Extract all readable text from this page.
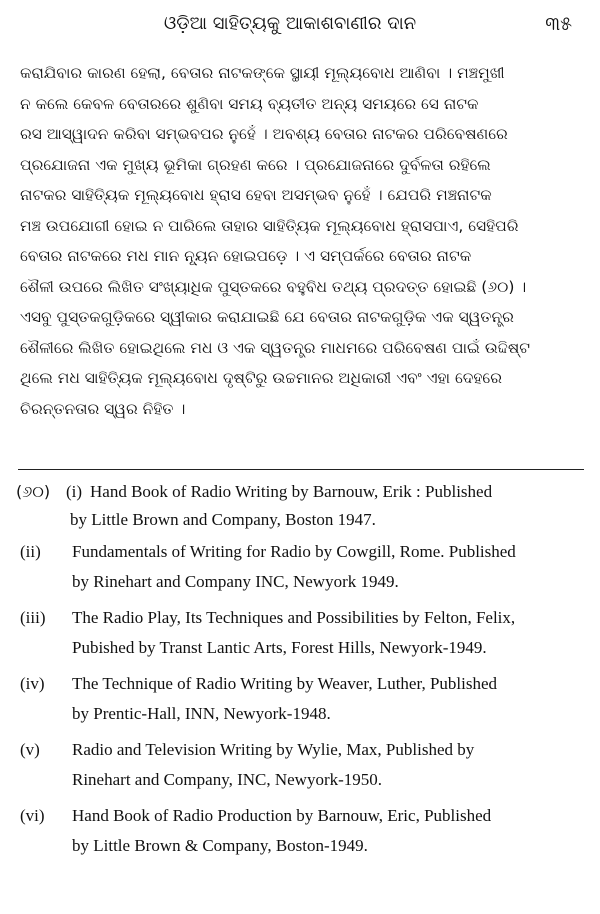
ଓଡ଼ିଆ ସାହିତ୍ୟକୁ ଆକାଶବାଣୀର ଦାନ	୩୫
କରାଯିବାର କାରଣ ହେଲା, ବେତାର ନାଟକଙ୍କେ ସ୍ଥାୟୀ ମୂଲ୍ୟବୋଧ ଆଣିବା । ମଞ୍ଚମୁଖୀ
ନ କଲେ କେବଳ ବେତାରରେ ଶୁଣିବା ସମୟ ବ୍ୟତୀତ ଅନ୍ୟ ସମୟରେ ସେ ନାଟକ
ରସ ଆସ୍ୱାଦନ କରିବା ସମ୍ଭବପର ନୁହେଁ । ଅବଶ୍ୟ ବେତାର ନାଟକର ପରିବେଷଣରେ
ପ୍ରଯୋଜନା ଏକ ମୁଖ୍ୟ ଭୂମିକା ଗ୍ରହଣ କରେ । ପ୍ରଯୋଜନାରେ ଦୁର୍ବଳତା ରହିଲେ
ନାଟକର ସାହିତ୍ୟିକ ମୂଲ୍ୟବୋଧ ହ୍ରାସ ହେବା ଅସମ୍ଭବ ନୁହେଁ । ଯେପରି ମଞ୍ଚନାଟକ
ମଞ୍ଚ ଉପଯୋଗୀ ହୋଇ ନ ପାରିଲେ ତାହାର ସାହିତ୍ୟିକ ମୂଲ୍ୟବୋଧ ହ୍ରାସପାଏ, ସେହିପରି
ବେତାର ନାଟକରେ ମଧ ମାନ ନ୍ୟୂନ ହୋଇପଡ଼େ । ଏ ସମ୍ପର୍କରେ ବେତାର ନାଟକ
ଶୈଳୀ ଉପରେ ଲିଖିତ ସଂଖ୍ୟାଧିକ ପୁସ୍ତକରେ ବହୁବିଧ ତଥ୍ୟ ପ୍ରଦତ୍ତ ହୋଇଛି (୬୦) ।
ଏସବୁ ପୁସ୍ତକଗୁଡ଼ିକରେ ସ୍ୱୀକାର କରାଯାଇଛି ଯେ ବେତାର ନାଟକଗୁଡ଼ିକ ଏକ ସ୍ୱତନ୍ତ୍ର
ଶୈଳୀରେ ଲିଖିତ ହୋଇଥିଲେ ମଧ ଓ ଏକ ସ୍ୱତନ୍ତ୍ର ମାଧମରେ ପରିବେଷଣ ପାଇଁ ଉଦ୍ଦିଷ୍ଟ
ଥିଲେ ମଧ ସାହିତ୍ୟିକ ମୂଲ୍ୟବୋଧ ଦୃଷ୍ଟିରୁ ଉଚ୍ଚମାନର ଅଧିକାରୀ ଏବଂ ଏହା ଦେହରେ
ଚିରନ୍ତନତାର ସ୍ୱର ନିହିତ ।
(୬୦) (i) Hand Book of Radio Writing by Barnouw, Erik : Published
by Little Brown and Company, Boston 1947.
(ii) Fundamentals of Writing for Radio by Cowgill, Rome. Published
by Rinehart and Company INC, Newyork 1949.
(iii) The Radio Play, Its Techniques and Possibilities by Felton, Felix,
Pubished by Transt Lantic Arts, Forest Hills, Newyork-1949.
(iv) The Technique of Radio Writing by Weaver, Luther, Published
by Prentic-Hall, INN, Newyork-1948.
(v) Radio and Television Writing by Wylie, Max, Published by
Rinehart and Company, INC, Newyork-1950.
(vi) Hand Book of Radio Production by Barnouw, Eric, Published
by Little Brown & Company, Boston-1949.
